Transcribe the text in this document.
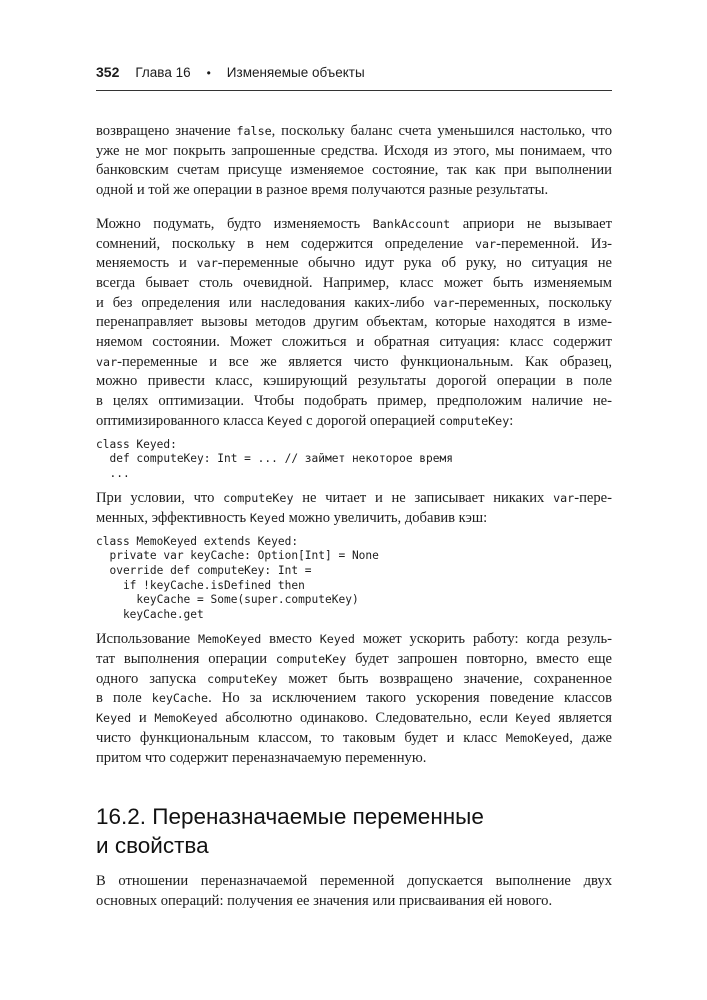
352 Глава 16 • Изменяемые объекты

возвращено значение false, поскольку баланс счета уменьшился настолько, что

уже не мог покрыть запрошенные средства. Исходя из этого, мы понимаем, что

банковским счетам присуще изменяемое состояние, так как при выполнении

одной и той же операции в разное время получаются разные результаты.

Можно подумать, будто изменяемость BankAccount априори не вызывает

сомнений, поскольку в нем содержится определение var-переменной. Из-

меняемость и var-переменные обычно идут рука об руку, но ситуация не

всегда бывает столь очевидной. Например, класс может быть изменяемым

и без определения или наследования каких-либо var-переменных, поскольку

перенаправляет вызовы методов другим объектам, которые находятся в изме-

няемом состоянии. Может сложиться и обратная ситуация: класс содержит

var-переменные и все же является чисто функциональным. Как образец,

можно привести класс, кэширующий результаты дорогой операции в поле

в целях оптимизации. Чтобы подобрать пример, предположим наличие не-

оптимизированного класса Keyed с дорогой операцией computeKey:

class Keyed:
def computeKey: Int = ... // займет некоторое время
...

При условии, что computeKey не читает и не записывает никаких var-пере-

менных, эффективность Keyed можно увеличить, добавив кэш:

class MemoKeyed extends Keyed:
private var keyCache: Option[Int] = None
override def computeKey: Int =
if !keyCache.isDefined then
keyCache = Some(super.computeKey)
keyCache.get

Использование MemoKeyed вместо Keyed может ускорить работу: когда резуль-

тат выполнения операции computeKey будет запрошен повторно, вместо еще

одного запуска computeKey может быть возвращено значение, сохраненное

в поле keyCache. Но за исключением такого ускорения поведение классов

Keyed и MemoKeyed абсолютно одинаково. Следовательно, если Keyed является

чисто функциональным классом, то таковым будет и класс MemoKeyed, даже

притом что содержит переназначаемую переменную.

16.2. Переназначаемые переменные
и свойства

В отношении переназначаемой переменной допускается выполнение двух

основных операций: получения ее значения или присваивания ей нового.
